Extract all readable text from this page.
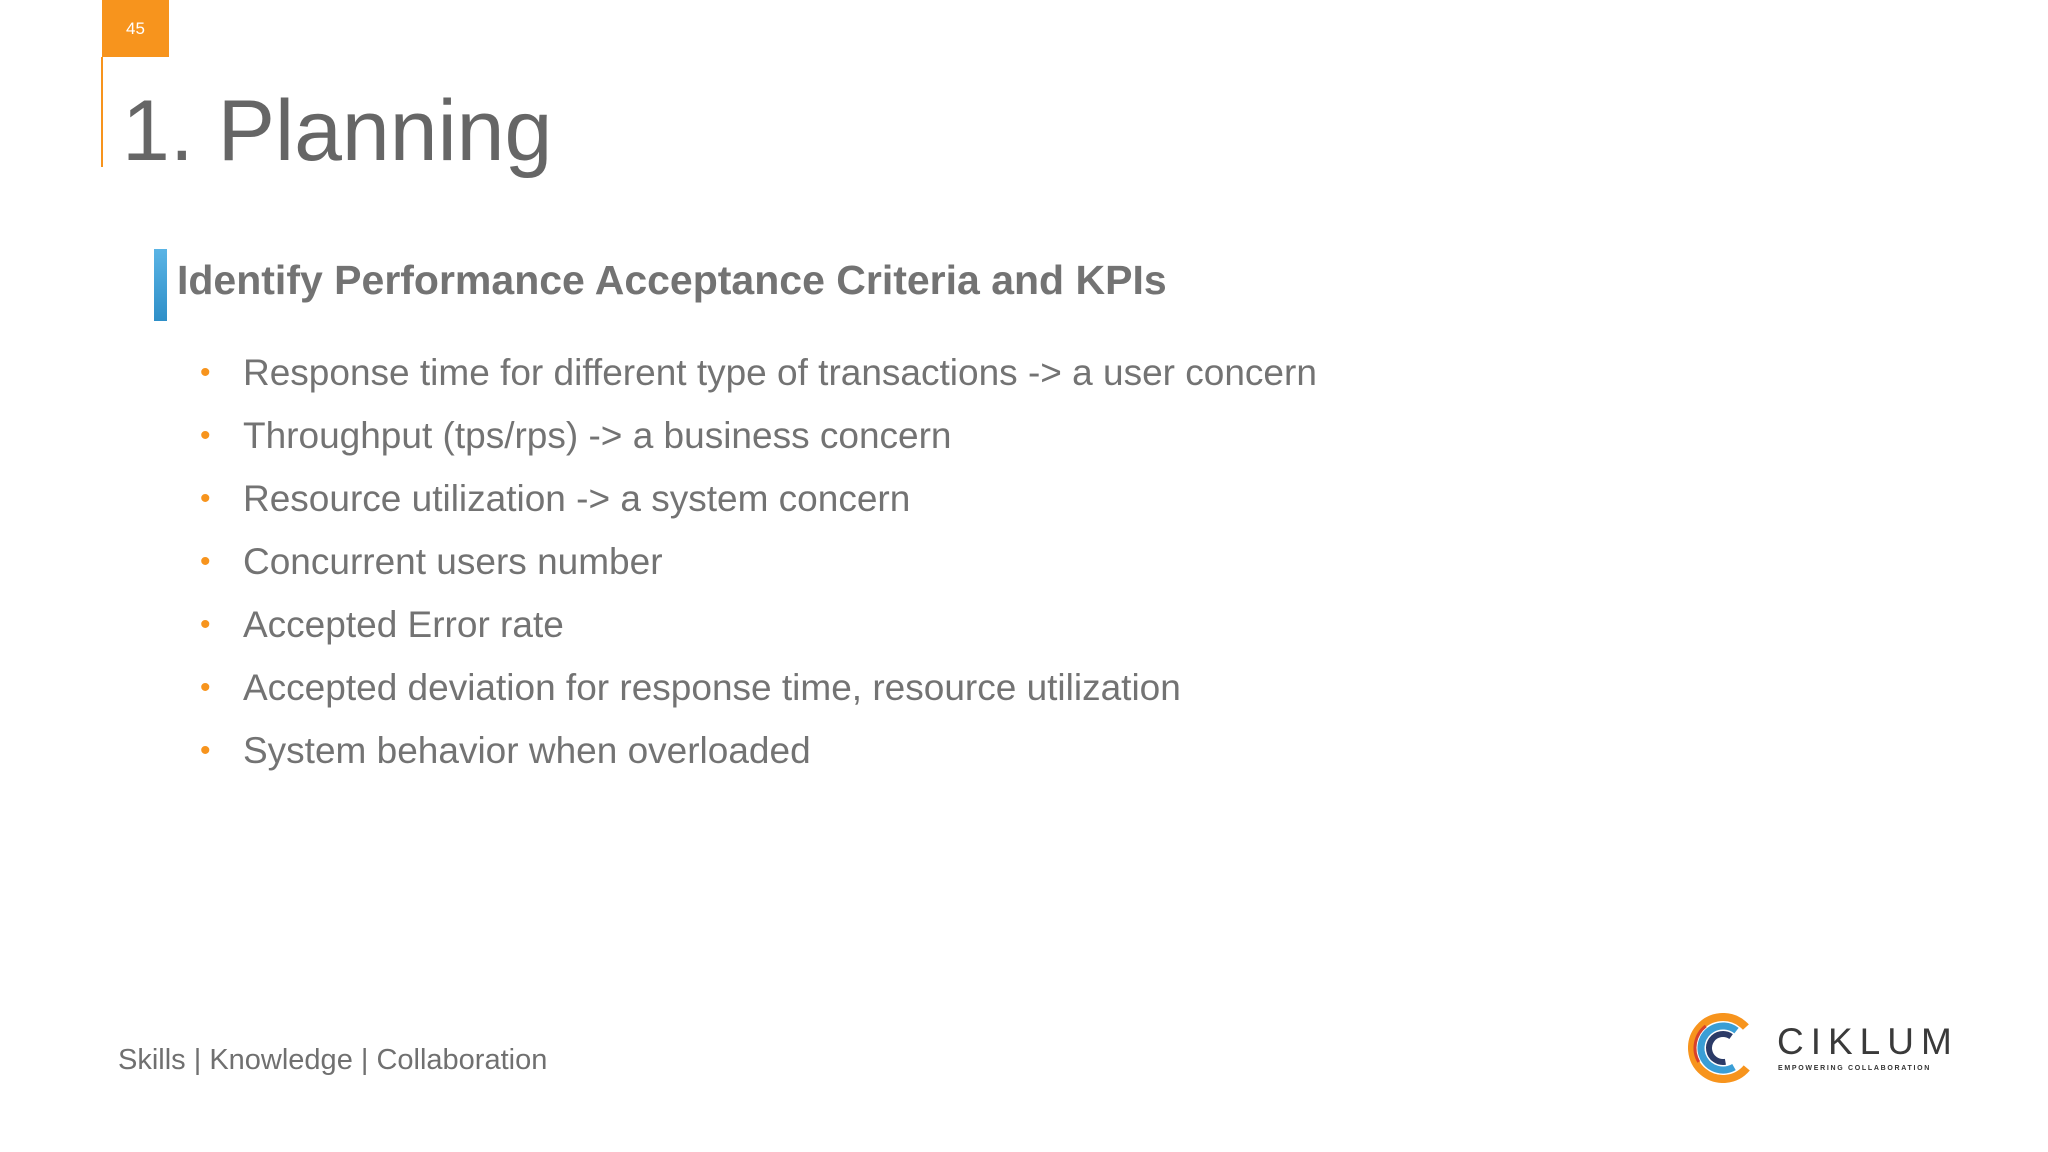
45
1. Planning
Identify Performance Acceptance Criteria and KPIs
• Response time for different type of transactions -> a user concern
• Throughput (tps/rps) -> a business concern
• Resource utilization -> a system concern
• Concurrent users number
• Accepted Error rate
• Accepted deviation for response time, resource utilization
• System behavior when overloaded
Skills | Knowledge | Collaboration	CIKLUM
EMPOWERING COLLABORATION
